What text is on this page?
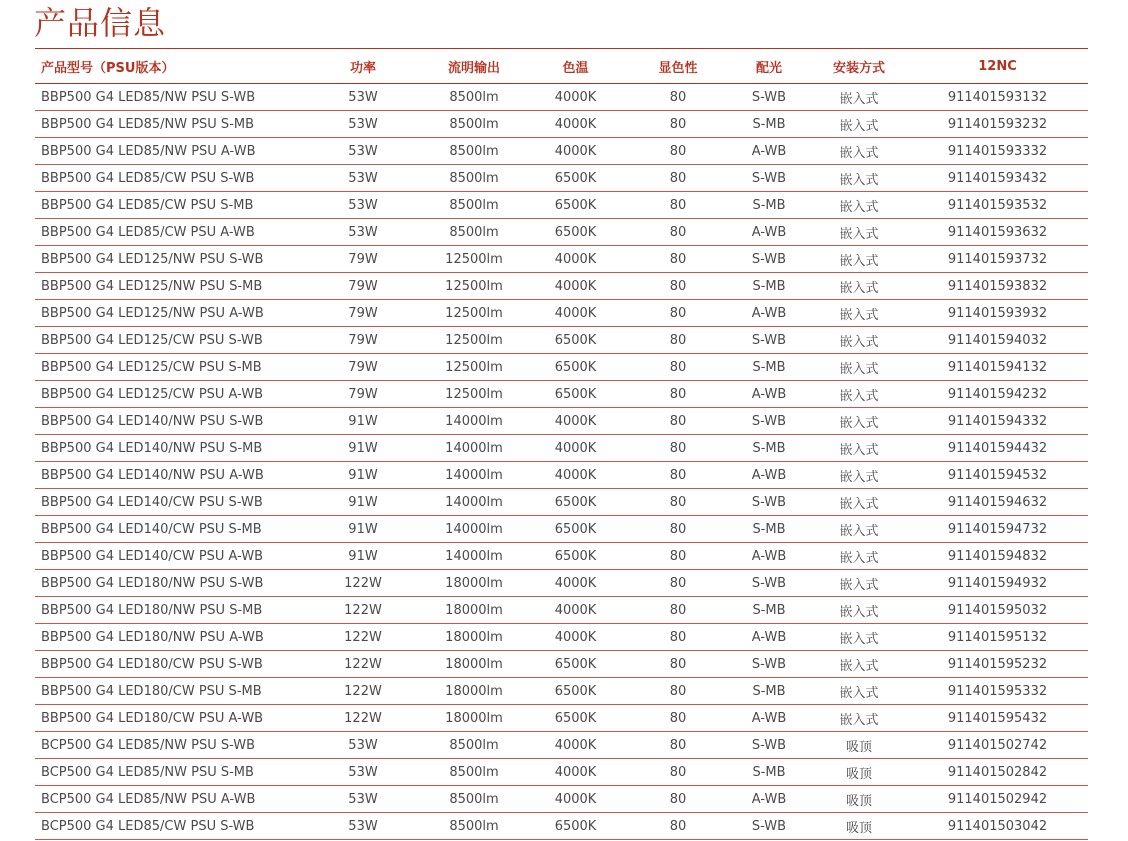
产品信息
产品型号（PSU版本）	功率	流明输出	色温	显色性	配光	安装方式	12NC
BBP500 G4 LED85/NW PSU S-WB	53W	8500lm	4000K	80	S-WB	嵌入式	911401593132
BBP500 G4 LED85/NW PSU S-MB	53W	8500lm	4000K	80	S-MB	嵌入式	911401593232
BBP500 G4 LED85/NW PSU A-WB	53W	8500lm	4000K	80	A-WB	嵌入式	911401593332
BBP500 G4 LED85/CW PSU S-WB	53W	8500lm	6500K	80	S-WB	嵌入式	911401593432
BBP500 G4 LED85/CW PSU S-MB	53W	8500lm	6500K	80	S-MB	嵌入式	911401593532
BBP500 G4 LED85/CW PSU A-WB	53W	8500lm	6500K	80	A-WB	嵌入式	911401593632
BBP500 G4 LED125/NW PSU S-WB	79W	12500lm	4000K	80	S-WB	嵌入式	911401593732
BBP500 G4 LED125/NW PSU S-MB	79W	12500lm	4000K	80	S-MB	嵌入式	911401593832
BBP500 G4 LED125/NW PSU A-WB	79W	12500lm	4000K	80	A-WB	嵌入式	911401593932
BBP500 G4 LED125/CW PSU S-WB	79W	12500lm	6500K	80	S-WB	嵌入式	911401594032
BBP500 G4 LED125/CW PSU S-MB	79W	12500lm	6500K	80	S-MB	嵌入式	911401594132
BBP500 G4 LED125/CW PSU A-WB	79W	12500lm	6500K	80	A-WB	嵌入式	911401594232
BBP500 G4 LED140/NW PSU S-WB	91W	14000lm	4000K	80	S-WB	嵌入式	911401594332
BBP500 G4 LED140/NW PSU S-MB	91W	14000lm	4000K	80	S-MB	嵌入式	911401594432
BBP500 G4 LED140/NW PSU A-WB	91W	14000lm	4000K	80	A-WB	嵌入式	911401594532
BBP500 G4 LED140/CW PSU S-WB	91W	14000lm	6500K	80	S-WB	嵌入式	911401594632
BBP500 G4 LED140/CW PSU S-MB	91W	14000lm	6500K	80	S-MB	嵌入式	911401594732
BBP500 G4 LED140/CW PSU A-WB	91W	14000lm	6500K	80	A-WB	嵌入式	911401594832
BBP500 G4 LED180/NW PSU S-WB	122W	18000lm	4000K	80	S-WB	嵌入式	911401594932
BBP500 G4 LED180/NW PSU S-MB	122W	18000lm	4000K	80	S-MB	嵌入式	911401595032
BBP500 G4 LED180/NW PSU A-WB	122W	18000lm	4000K	80	A-WB	嵌入式	911401595132
BBP500 G4 LED180/CW PSU S-WB	122W	18000lm	6500K	80	S-WB	嵌入式	911401595232
BBP500 G4 LED180/CW PSU S-MB	122W	18000lm	6500K	80	S-MB	嵌入式	911401595332
BBP500 G4 LED180/CW PSU A-WB	122W	18000lm	6500K	80	A-WB	嵌入式	911401595432
BCP500 G4 LED85/NW PSU S-WB	53W	8500lm	4000K	80	S-WB	吸顶	911401502742
BCP500 G4 LED85/NW PSU S-MB	53W	8500lm	4000K	80	S-MB	吸顶	911401502842
BCP500 G4 LED85/NW PSU A-WB	53W	8500lm	4000K	80	A-WB	吸顶	911401502942
BCP500 G4 LED85/CW PSU S-WB	53W	8500lm	6500K	80	S-WB	吸顶	911401503042
